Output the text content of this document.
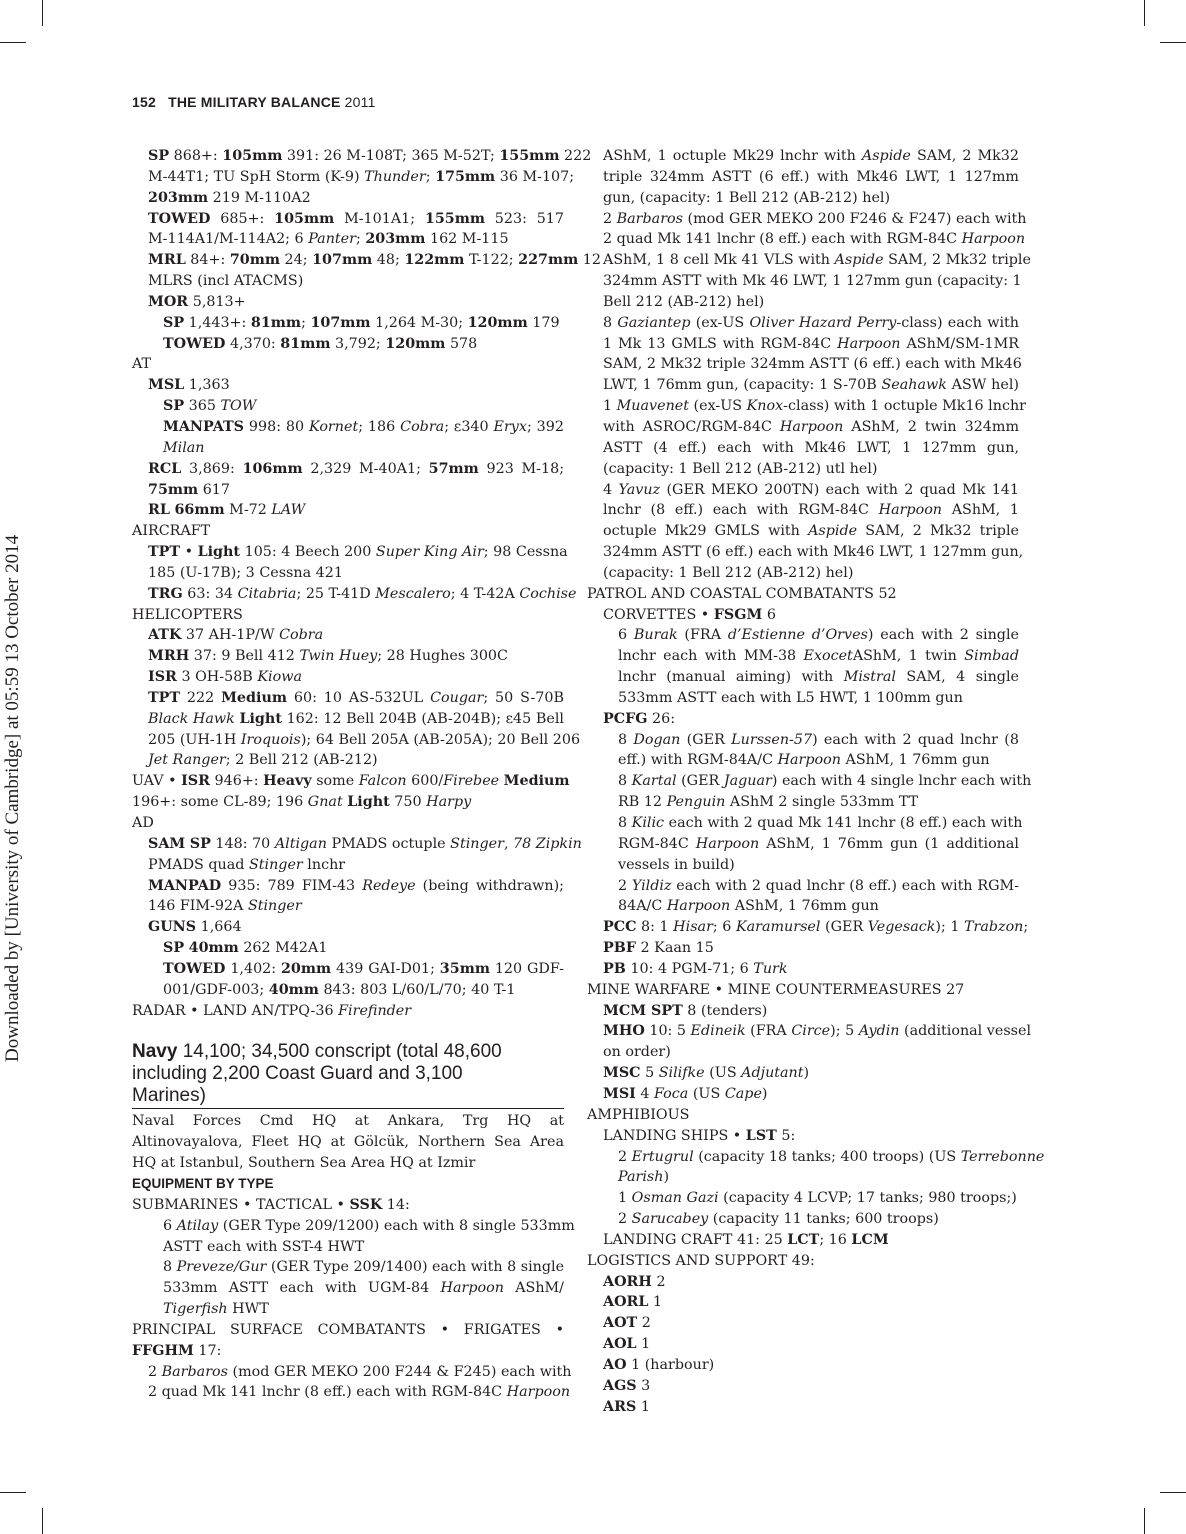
152 THE MILITARY BALANCE 2011
Downloaded by [University of Cambridge] at 05:59 13 October 2014
SP 868+: 105mm 391: 26 M-108T; 365 M-52T; 155mm 222
M-44T1; TU SpH Storm (K-9) Thunder; 175mm 36 M-107;
203mm 219 M-110A2
TOWED 685+: 105mm M-101A1; 155mm 523: 517
M-114A1/M-114A2; 6 Panter; 203mm 162 M-115
MRL 84+: 70mm 24; 107mm 48; 122mm T-122; 227mm 12
MLRS (incl ATACMS)
MOR 5,813+
SP 1,443+: 81mm; 107mm 1,264 M-30; 120mm 179
TOWED 4,370: 81mm 3,792; 120mm 578
AT
MSL 1,363
SP 365 TOW
MANPATS 998: 80 Kornet; 186 Cobra; ε340 Eryx; 392
Milan
RCL 3,869: 106mm 2,329 M-40A1; 57mm 923 M-18;
75mm 617
RL 66mm M-72 LAW
AIRCRAFT
TPT • Light 105: 4 Beech 200 Super King Air; 98 Cessna
185 (U-17B); 3 Cessna 421
TRG 63: 34 Citabria; 25 T-41D Mescalero; 4 T-42A Cochise
HELICOPTERS
ATK 37 AH-1P/W Cobra
MRH 37: 9 Bell 412 Twin Huey; 28 Hughes 300C
ISR 3 OH-58B Kiowa
TPT 222 Medium 60: 10 AS-532UL Cougar; 50 S-70B
Black Hawk Light 162: 12 Bell 204B (AB-204B); ε45 Bell
205 (UH-1H Iroquois); 64 Bell 205A (AB-205A); 20 Bell 206
Jet Ranger; 2 Bell 212 (AB-212)
UAV • ISR 946+: Heavy some Falcon 600/Firebee Medium
196+: some CL-89; 196 Gnat Light 750 Harpy
AD
SAM SP 148: 70 Altigan PMADS octuple Stinger, 78 Zipkin
PMADS quad Stinger lnchr
MANPAD 935: 789 FIM-43 Redeye (being withdrawn);
146 FIM-92A Stinger
GUNS 1,664
SP 40mm 262 M42A1
TOWED 1,402: 20mm 439 GAI-D01; 35mm 120 GDF-
001/GDF-003; 40mm 843: 803 L/60/L/70; 40 T-1
RADAR • LAND AN/TPQ-36 Firefinder
Navy 14,100; 34,500 conscript (total 48,600
including 2,200 Coast Guard and 3,100
Marines)
Naval Forces Cmd HQ at Ankara, Trg HQ at
Altinovayalova, Fleet HQ at Gölcük, Northern Sea Area
HQ at Istanbul, Southern Sea Area HQ at Izmir
EQUIPMENT BY TYPE
SUBMARINES • TACTICAL • SSK 14:
6 Atilay (GER Type 209/1200) each with 8 single 533mm
ASTT each with SST-4 HWT
8 Preveze/Gur (GER Type 209/1400) each with 8 single
533mm ASTT each with UGM-84 Harpoon AShM/
Tigerfish HWT
PRINCIPAL SURFACE COMBATANTS • FRIGATES •
FFGHM 17:
2 Barbaros (mod GER MEKO 200 F244 & F245) each with
2 quad Mk 141 lnchr (8 eff.) each with RGM-84C Harpoon
AShM, 1 octuple Mk29 lnchr with Aspide SAM, 2 Mk32
triple 324mm ASTT (6 eff.) with Mk46 LWT, 1 127mm
gun, (capacity: 1 Bell 212 (AB-212) hel)
2 Barbaros (mod GER MEKO 200 F246 & F247) each with
2 quad Mk 141 lnchr (8 eff.) each with RGM-84C Harpoon
AShM, 1 8 cell Mk 41 VLS with Aspide SAM, 2 Mk32 triple
324mm ASTT with Mk 46 LWT, 1 127mm gun (capacity: 1
Bell 212 (AB-212) hel)
8 Gaziantep (ex-US Oliver Hazard Perry-class) each with
1 Mk 13 GMLS with RGM-84C Harpoon AShM/SM-1MR
SAM, 2 Mk32 triple 324mm ASTT (6 eff.) each with Mk46
LWT, 1 76mm gun, (capacity: 1 S-70B Seahawk ASW hel)
1 Muavenet (ex-US Knox-class) with 1 octuple Mk16 lnchr
with ASROC/RGM-84C Harpoon AShM, 2 twin 324mm
ASTT (4 eff.) each with Mk46 LWT, 1 127mm gun,
(capacity: 1 Bell 212 (AB-212) utl hel)
4 Yavuz (GER MEKO 200TN) each with 2 quad Mk 141
lnchr (8 eff.) each with RGM-84C Harpoon AShM, 1
octuple Mk29 GMLS with Aspide SAM, 2 Mk32 triple
324mm ASTT (6 eff.) each with Mk46 LWT, 1 127mm gun,
(capacity: 1 Bell 212 (AB-212) hel)
PATROL AND COASTAL COMBATANTS 52
CORVETTES • FSGM 6
6 Burak (FRA d’Estienne d’Orves) each with 2 single
lnchr each with MM-38 ExocetAShM, 1 twin Simbad
lnchr (manual aiming) with Mistral SAM, 4 single
533mm ASTT each with L5 HWT, 1 100mm gun
PCFG 26:
8 Dogan (GER Lurssen-57) each with 2 quad lnchr (8
eff.) with RGM-84A/C Harpoon AShM, 1 76mm gun
8 Kartal (GER Jaguar) each with 4 single lnchr each with
RB 12 Penguin AShM 2 single 533mm TT
8 Kilic each with 2 quad Mk 141 lnchr (8 eff.) each with
RGM-84C Harpoon AShM, 1 76mm gun (1 additional
vessels in build)
2 Yildiz each with 2 quad lnchr (8 eff.) each with RGM-
84A/C Harpoon AShM, 1 76mm gun
PCC 8: 1 Hisar; 6 Karamursel (GER Vegesack); 1 Trabzon;
PBF 2 Kaan 15
PB 10: 4 PGM-71; 6 Turk
MINE WARFARE • MINE COUNTERMEASURES 27
MCM SPT 8 (tenders)
MHO 10: 5 Edineik (FRA Circe); 5 Aydin (additional vessel
on order)
MSC 5 Silifke (US Adjutant)
MSI 4 Foca (US Cape)
AMPHIBIOUS
LANDING SHIPS • LST 5:
2 Ertugrul (capacity 18 tanks; 400 troops) (US Terrebonne
Parish)
1 Osman Gazi (capacity 4 LCVP; 17 tanks; 980 troops;)
2 Sarucabey (capacity 11 tanks; 600 troops)
LANDING CRAFT 41: 25 LCT; 16 LCM
LOGISTICS AND SUPPORT 49:
AORH 2
AORL 1
AOT 2
AOL 1
AO 1 (harbour)
AGS 3
ARS 1
